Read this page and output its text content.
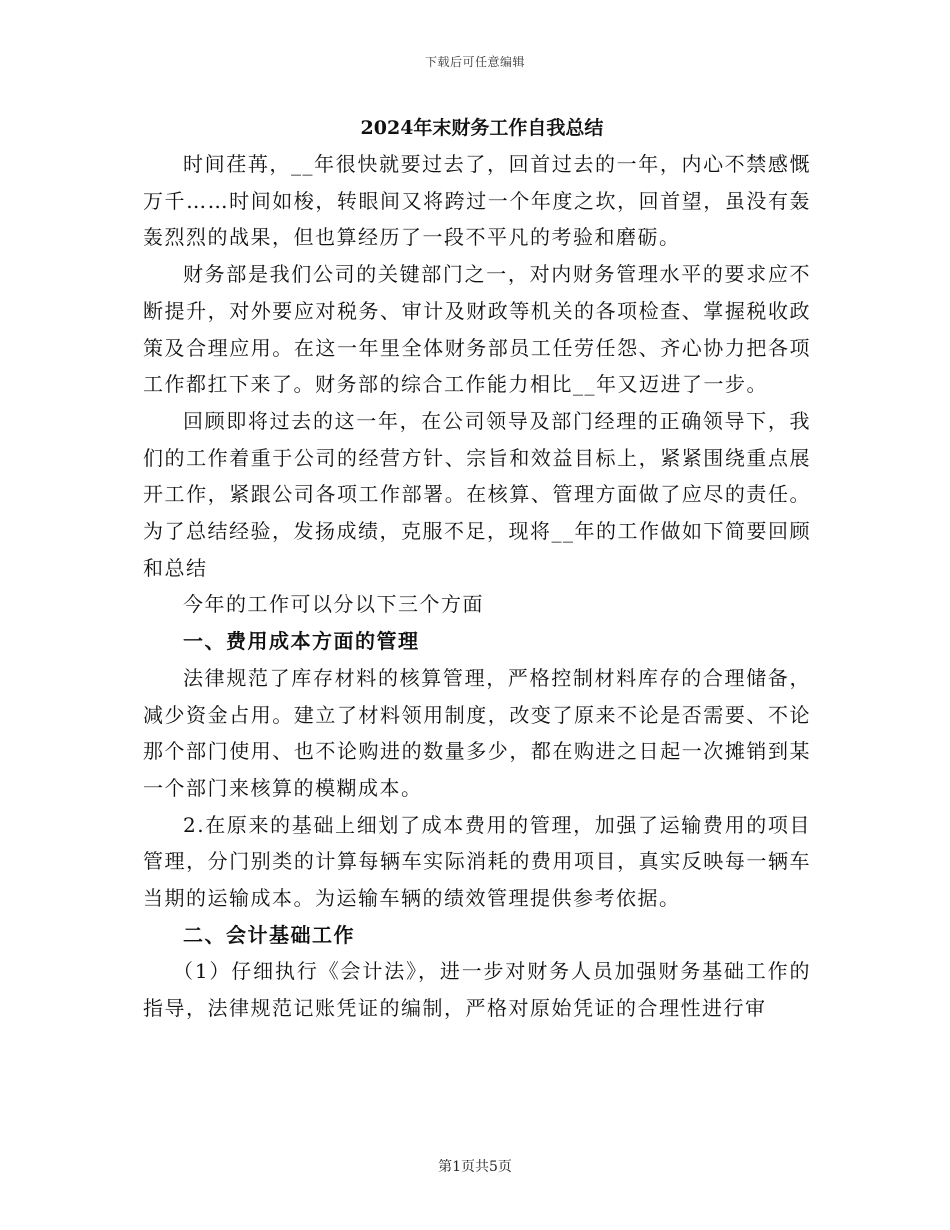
下载后可任意编辑
2024年末财务工作自我总结

时间荏苒，__年很快就要过去了，回首过去的一年，内心不禁感慨万千……时间如梭，转眼间又将跨过一个年度之坎，回首望，虽没有轰轰烈烈的战果，但也算经历了一段不平凡的考验和磨砺。

财务部是我们公司的关键部门之一，对内财务管理水平的要求应不断提升，对外要应对税务、审计及财政等机关的各项检查、掌握税收政策及合理应用。在这一年里全体财务部员工任劳任怨、齐心协力把各项工作都扛下来了。财务部的综合工作能力相比__年又迈进了一步。

回顾即将过去的这一年，在公司领导及部门经理的正确领导下，我们的工作着重于公司的经营方针、宗旨和效益目标上，紧紧围绕重点展开工作，紧跟公司各项工作部署。在核算、管理方面做了应尽的责任。为了总结经验，发扬成绩，克服不足，现将__年的工作做如下简要回顾和总结

今年的工作可以分以下三个方面

一、费用成本方面的管理

法律规范了库存材料的核算管理，严格控制材料库存的合理储备，减少资金占用。建立了材料领用制度，改变了原来不论是否需要、不论那个部门使用、也不论购进的数量多少，都在购进之日起一次摊销到某一个部门来核算的模糊成本。

2.在原来的基础上细划了成本费用的管理，加强了运输费用的项目管理，分门别类的计算每辆车实际消耗的费用项目，真实反映每一辆车当期的运输成本。为运输车辆的绩效管理提供参考依据。

二、会计基础工作

（1）仔细执行《会计法》，进一步对财务人员加强财务基础工作的指导，法律规范记账凭证的编制，严格对原始凭证的合理性进行审

第1页共5页
